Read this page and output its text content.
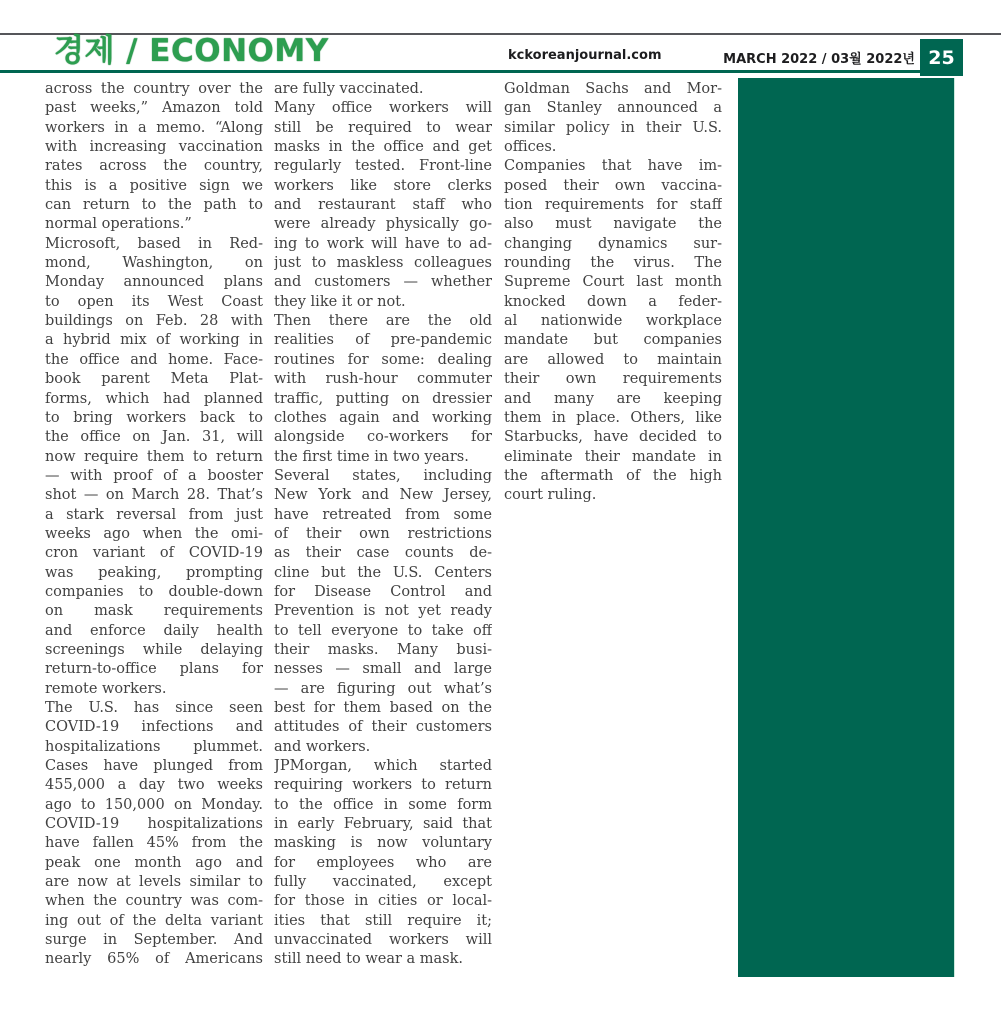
경제 / ECONOMY	kckoreanjournal.com	MARCH 2022 / 03월 2022년 25
across the country over the
past weeks,” Amazon told
workers in a memo. “Along
with increasing vaccination
rates across the country,
this is a positive sign we
can return to the path to
normal operations.”
Microsoft, based in Red-
mond, Washington, on
Monday announced plans
to open its West Coast
buildings on Feb. 28 with
a hybrid mix of working in
the office and home. Face-
book parent Meta Plat-
forms, which had planned
to bring workers back to
the office on Jan. 31, will
now require them to return
— with proof of a booster
shot — on March 28. That’s
a stark reversal from just
weeks ago when the omi-
cron variant of COVID-19
was peaking, prompting
companies to double-down
on mask requirements
and enforce daily health
screenings while delaying
return-to-office plans for
remote workers.
The U.S. has since seen
COVID-19 infections and
hospitalizations plummet.
Cases have plunged from
455,000 a day two weeks
ago to 150,000 on Monday.
COVID-19 hospitalizations
have fallen 45% from the
peak one month ago and
are now at levels similar to
when the country was com-
ing out of the delta variant
surge in September. And
nearly 65% of Americans
are fully vaccinated.
Many office workers will
still be required to wear
masks in the office and get
regularly tested. Front-line
workers like store clerks
and restaurant staff who
were already physically go-
ing to work will have to ad-
just to maskless colleagues
and customers — whether
they like it or not.
Then there are the old
realities of pre-pandemic
routines for some: dealing
with rush-hour commuter
traffic, putting on dressier
clothes again and working
alongside co-workers for
the first time in two years.
Several states, including
New York and New Jersey,
have retreated from some
of their own restrictions
as their case counts de-
cline but the U.S. Centers
for Disease Control and
Prevention is not yet ready
to tell everyone to take off
their masks. Many busi-
nesses — small and large
— are figuring out what’s
best for them based on the
attitudes of their customers
and workers.
JPMorgan, which started
requiring workers to return
to the office in some form
in early February, said that
masking is now voluntary
for employees who are
fully vaccinated, except
for those in cities or local-
ities that still require it;
unvaccinated workers will
still need to wear a mask.
Goldman Sachs and Mor-
gan Stanley announced a
similar policy in their U.S.
offices.
Companies that have im-
posed their own vaccina-
tion requirements for staff
also must navigate the
changing dynamics sur-
rounding the virus. The
Supreme Court last month
knocked down a feder-
al nationwide workplace
mandate but companies
are allowed to maintain
their own requirements
and many are keeping
them in place. Others, like
Starbucks, have decided to
eliminate their mandate in
the aftermath of the high
court ruling.
